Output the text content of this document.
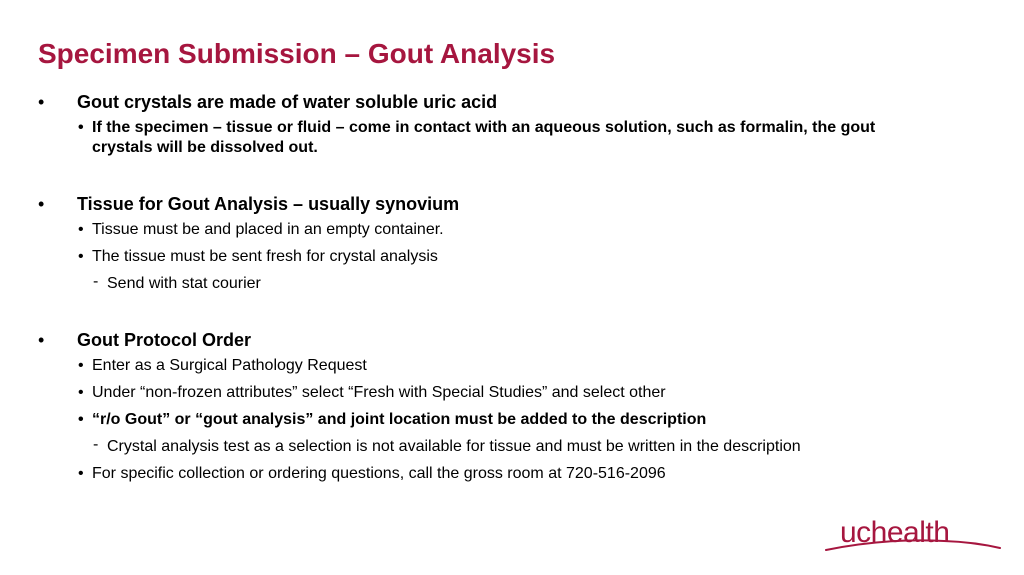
Specimen Submission – Gout Analysis
• Gout crystals are made of water soluble uric acid
• If the specimen – tissue or fluid – come in contact with an aqueous solution, such as formalin, the gout crystals will be dissolved out.
• Tissue for Gout Analysis – usually synovium
• Tissue must be and placed in an empty container.
• The tissue must be sent fresh for crystal analysis
- Send with stat courier
• Gout Protocol Order
• Enter as a Surgical Pathology Request
• Under “non-frozen attributes” select “Fresh with Special Studies” and select other
• “r/o Gout” or “gout analysis” and joint location must be added to the description
- Crystal analysis test as a selection is not available for tissue and must be written in the description
• For specific collection or ordering questions, call the gross room at 720-516-2096
uchealth
